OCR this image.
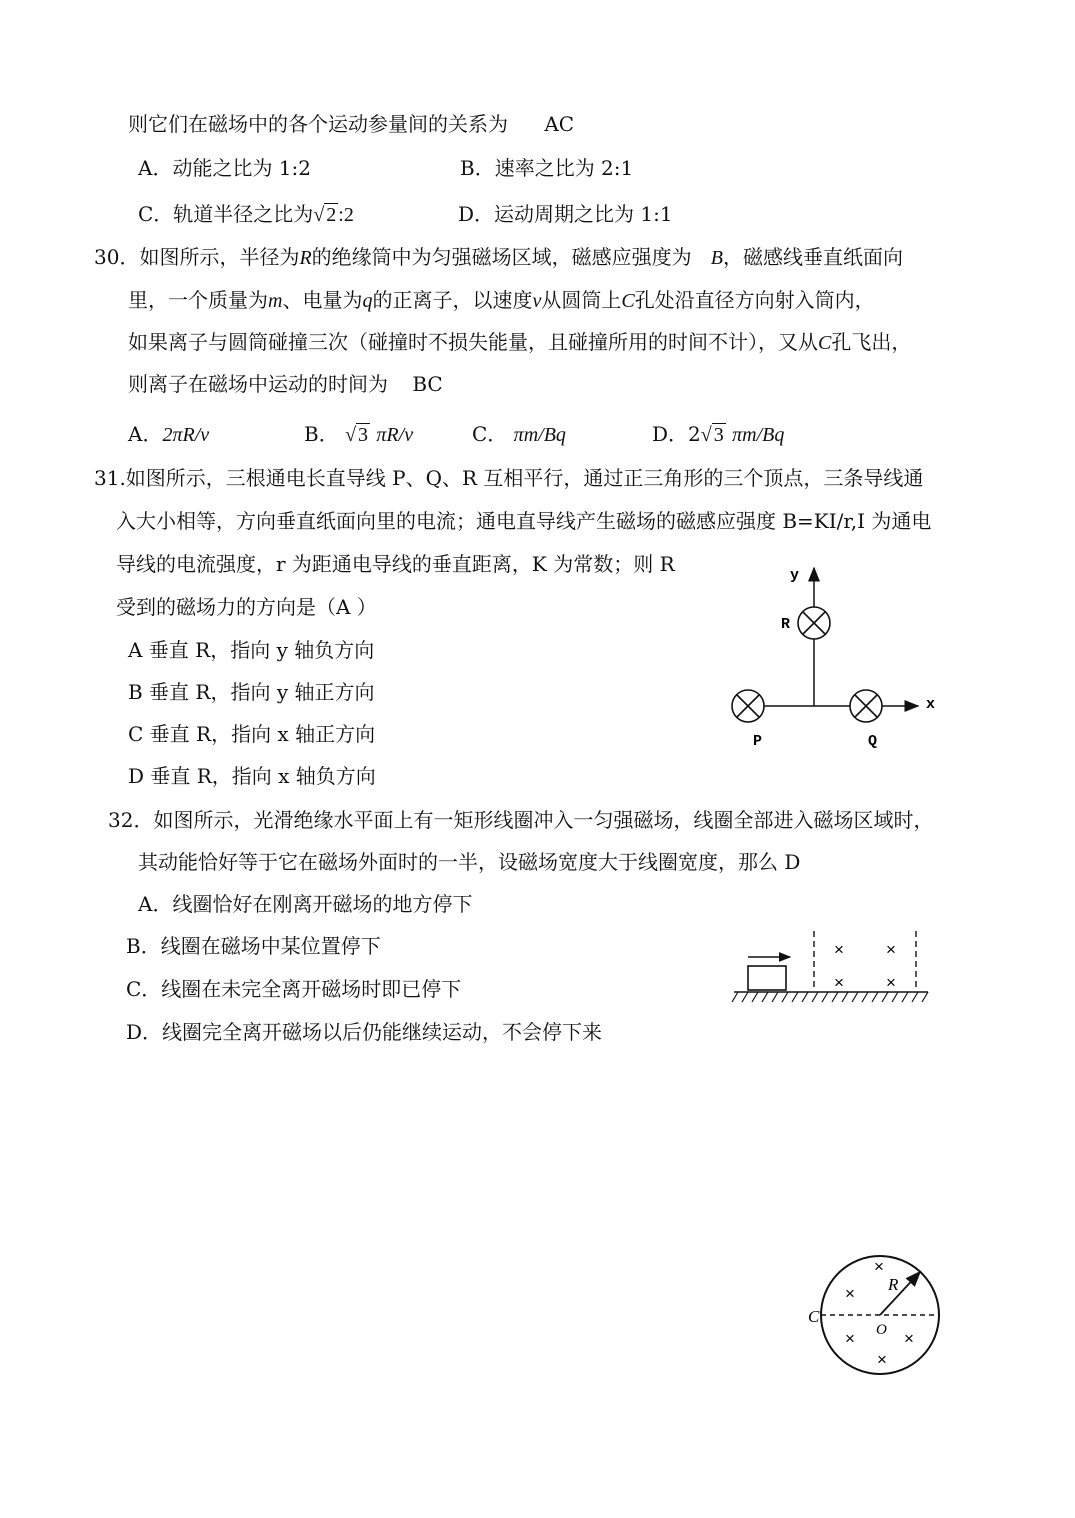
则它们在磁场中的各个运动参量间的关系为 AC
A．动能之比为 1:2	B．速率之比为 2:1
C．轨道半径之比为√ 2 :2	D．运动周期之比为 1:1
30．如图所示，半径为R的绝缘筒中为匀强磁场区域，磁感应强度为 B，磁感线垂直纸面向
里，一个质量为m、电量为q的正离子，以速度v从圆筒上C孔处沿直径方向射入筒内，
如果离子与圆筒碰撞三次（碰撞时不损失能量，且碰撞所用的时间不计），又从C孔飞出，
则离子在磁场中运动的时间为 BC
A．2πR/v	B． √ 3 πR/v	C． πm/Bq	D．2√ 3 πm/Bq
31.如图所示，三根通电长直导线 P、Q、R 互相平行，通过正三角形的三个顶点，三条导线通
入大小相等，方向垂直纸面向里的电流；通电直导线产生磁场的磁感应强度 B=KI/r,I 为通电
导线的电流强度，r 为距通电导线的垂直距离，K 为常数；则 R
受到的磁场力的方向是（A ）
A 垂直 R，指向 y 轴负方向
B 垂直 R，指向 y 轴正方向
C 垂直 R，指向 x 轴正方向
D 垂直 R，指向 x 轴负方向
y
x
R
P	Q
32．如图所示，光滑绝缘水平面上有一矩形线圈冲入一匀强磁场，线圈全部进入磁场区域时，
其动能恰好等于它在磁场外面时的一半，设磁场宽度大于线圈宽度，那么 D
A．线圈恰好在刚离开磁场的地方停下
B．线圈在磁场中某位置停下
C．线圈在未完全离开磁场时即已停下
D．线圈完全离开磁场以后仍能继续运动，不会停下来
× ×
× ×
C
R
O
×
×
×	×
×
